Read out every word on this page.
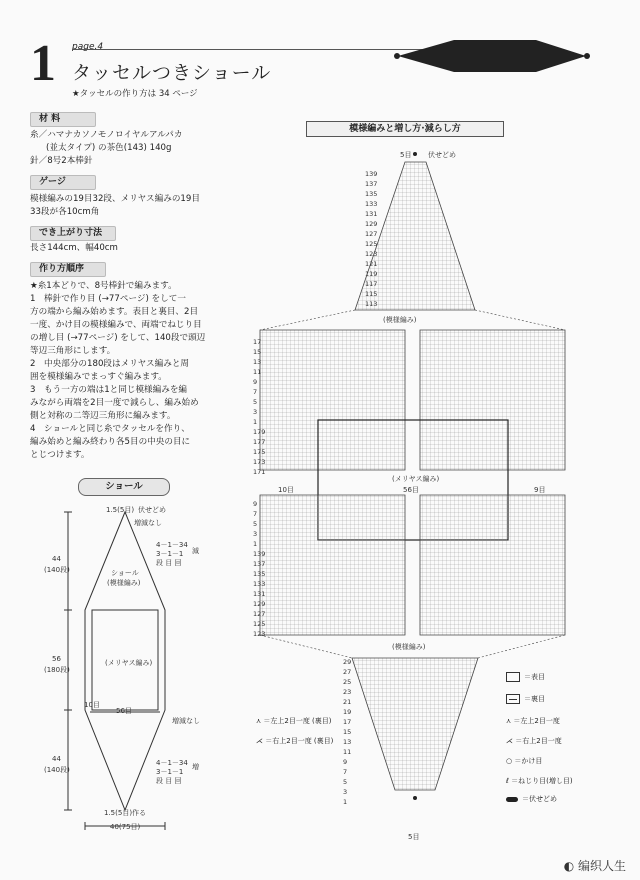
1 page.4
タッセルつきショール
★タッセルの作り方は 34 ページ
材 料
糸／ハマナカソノモノロイヤルアルパカ
(並太タイプ) の茶色(143) 140g
針／8号2本棒針
ゲージ
模様編みの19目32段、メリヤス編みの19目
33段が各10cm角
でき上がり寸法
長さ144cm、幅40cm
作り方順序

★糸1本どりで、8号棒針で編みます。

1　棒針で作り目 (→77ページ) をして一

方の端から編み始めます。表目と裏目、2目

一度、かけ目の模様編みで、両端でねじり目

の増し目 (→77ページ) をして、140段で頭辺

等辺三角形にします。

2　中央部分の180段はメリヤス編みと周

囲を模様編みでまっすぐ編みます。

3　もう一方の端は1と同じ模様編みを編

みながら両端を2目一度で減らし、編み始め

側と対称の二等辺三角形に編みます。

4　ショールと同じ糸でタッセルを作り、

編み始めと編み終わり各5目の中央の目に

とじつけます。

ショール
1.5(5目) 伏せどめ
増減なし
4－1－34
3－1－1
段 目 回
減
44
(140段)	ショール
(模様編み)
(メリヤス編み)
56
(180段)
10目
56目
増減なし
44
(140段)
4－1－34
3－1－1
段 目 回
増
1.5(5目)作る
40(75目)
模様編みと増し方·減らし方
5目 伏せどめ
(模様編み)
(メリヤス編み)
56目
10目	9目
(模様編み)
5目
139
137
135
133
131
129
127
125
123
121
119
117
115
113
17
15
13
11
9
7
5
3
1
179
177
175
173
171
9
7
5
3
1
139
137
135
133
131
129
127
125
123
29
27
25
23
21
19
17
15
13
11
9
7
5
3
1
＝表目
＝裏目
⋏ ＝左上2目一度
⋌ ＝右上2目一度
○ ＝かけ目
ℓ ＝ねじり目(増し目)
＝伏せどめ
⋏ ＝左上2目一度 (裏目)
⋌ ＝右上2目一度 (裏目)
◐ 编织人生
